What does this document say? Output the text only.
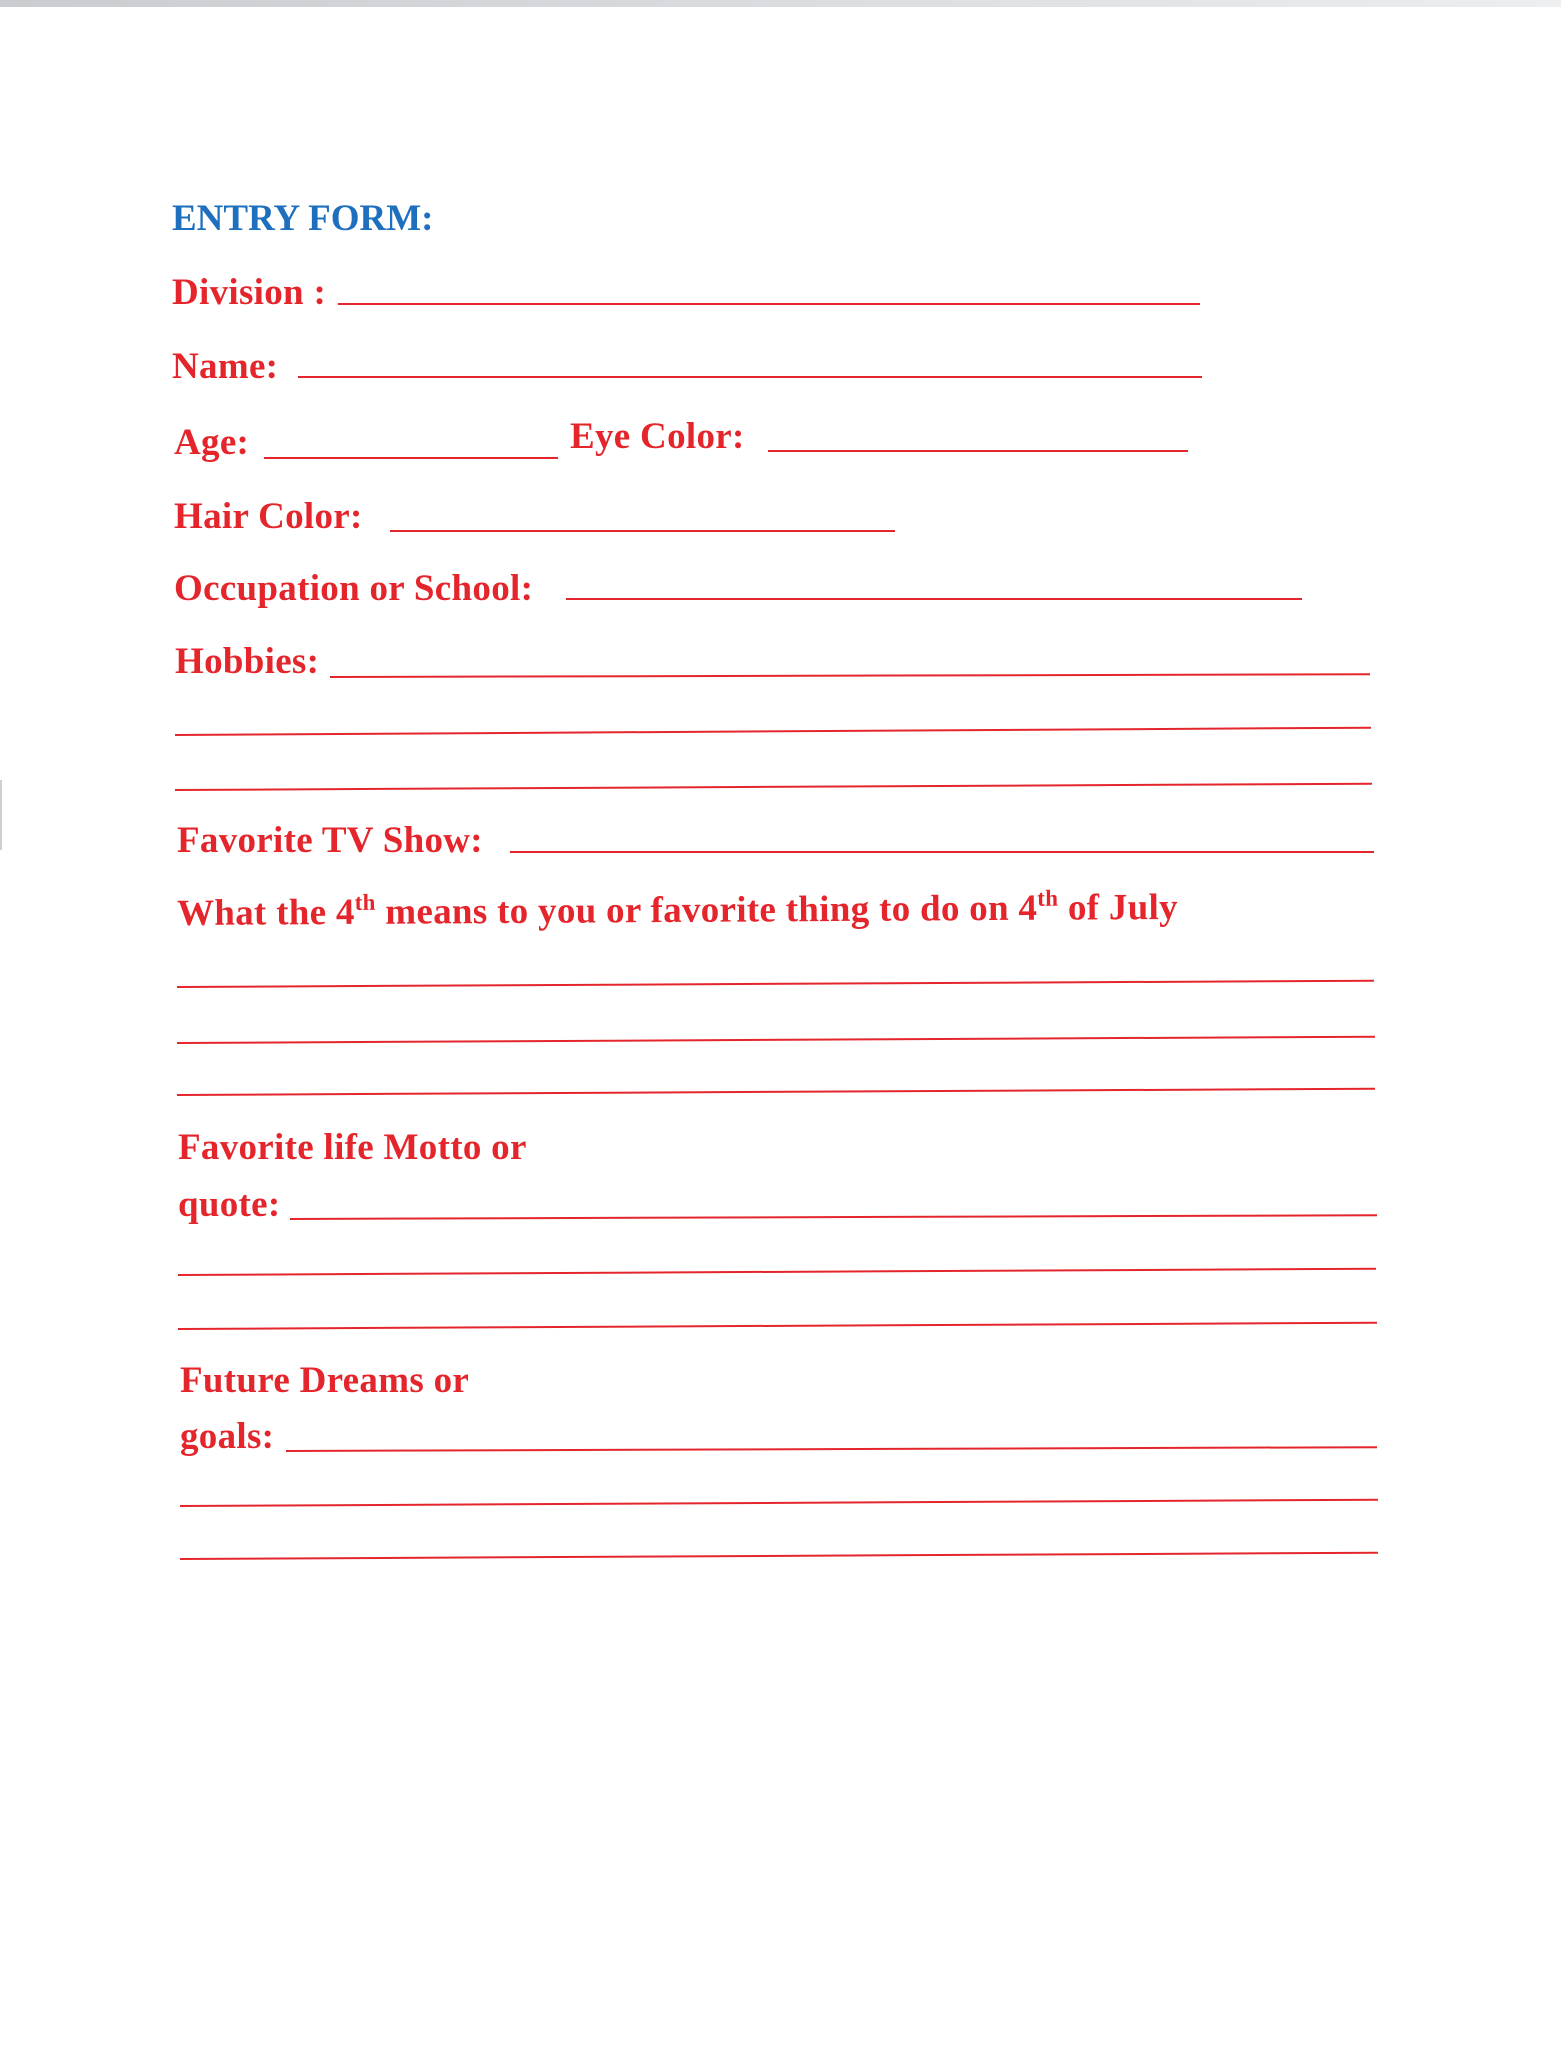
ENTRY FORM:
Division :
Name:
Age:	Eye Color:
Hair Color:
Occupation or School:
Hobbies:
Favorite TV Show:
What the 4th means to you or favorite thing to do on 4th of July
Favorite life Motto or
quote:
Future Dreams or
goals:
